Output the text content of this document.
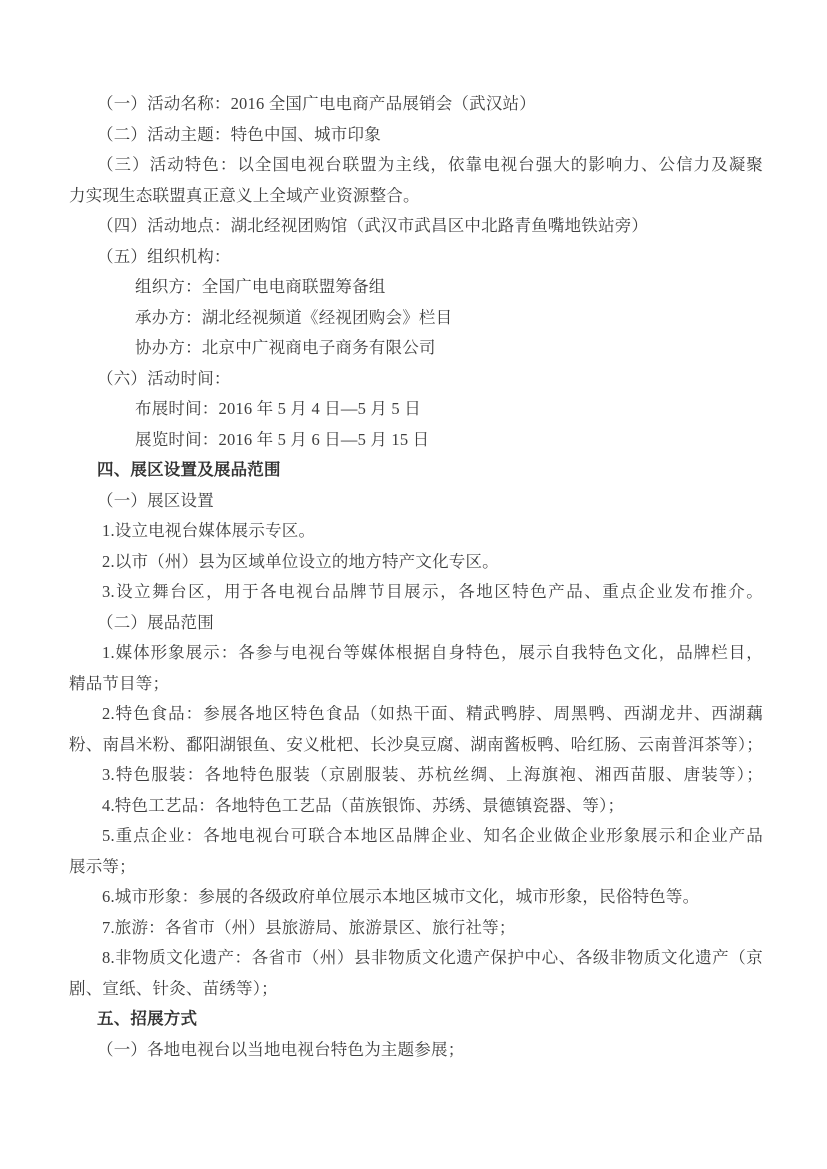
（一）活动名称：2016 全国广电电商产品展销会（武汉站）
（二）活动主题：特色中国、城市印象
（三）活动特色：以全国电视台联盟为主线，依靠电视台强大的影响力、公信力及凝聚
力实现生态联盟真正意义上全域产业资源整合。
（四）活动地点：湖北经视团购馆（武汉市武昌区中北路青鱼嘴地铁站旁）
（五）组织机构：
组织方：全国广电电商联盟筹备组
承办方：湖北经视频道《经视团购会》栏目
协办方：北京中广视商电子商务有限公司
（六）活动时间：
布展时间：2016 年 5 月 4 日—5 月 5 日
展览时间：2016 年 5 月 6 日—5 月 15 日
四、展区设置及展品范围
（一）展区设置
1.设立电视台媒体展示专区。
2.以市（州）县为区域单位设立的地方特产文化专区。
3.设立舞台区，用于各电视台品牌节目展示，各地区特色产品、重点企业发布推介。
（二）展品范围
1.媒体形象展示：各参与电视台等媒体根据自身特色，展示自我特色文化，品牌栏目，
精品节目等；
2.特色食品：参展各地区特色食品（如热干面、精武鸭脖、周黑鸭、西湖龙井、西湖藕
粉、南昌米粉、鄱阳湖银鱼、安义枇杷、长沙臭豆腐、湖南酱板鸭、哈红肠、云南普洱茶等）；
3.特色服装：各地特色服装（京剧服装、苏杭丝绸、上海旗袍、湘西苗服、唐装等）；
4.特色工艺品：各地特色工艺品（苗族银饰、苏绣、景德镇瓷器、等）；
5.重点企业：各地电视台可联合本地区品牌企业、知名企业做企业形象展示和企业产品
展示等；
6.城市形象：参展的各级政府单位展示本地区城市文化，城市形象，民俗特色等。
7.旅游：各省市（州）县旅游局、旅游景区、旅行社等；
8.非物质文化遗产：各省市（州）县非物质文化遗产保护中心、各级非物质文化遗产（京
剧、宣纸、针灸、苗绣等）；
五、招展方式
（一）各地电视台以当地电视台特色为主题参展；
